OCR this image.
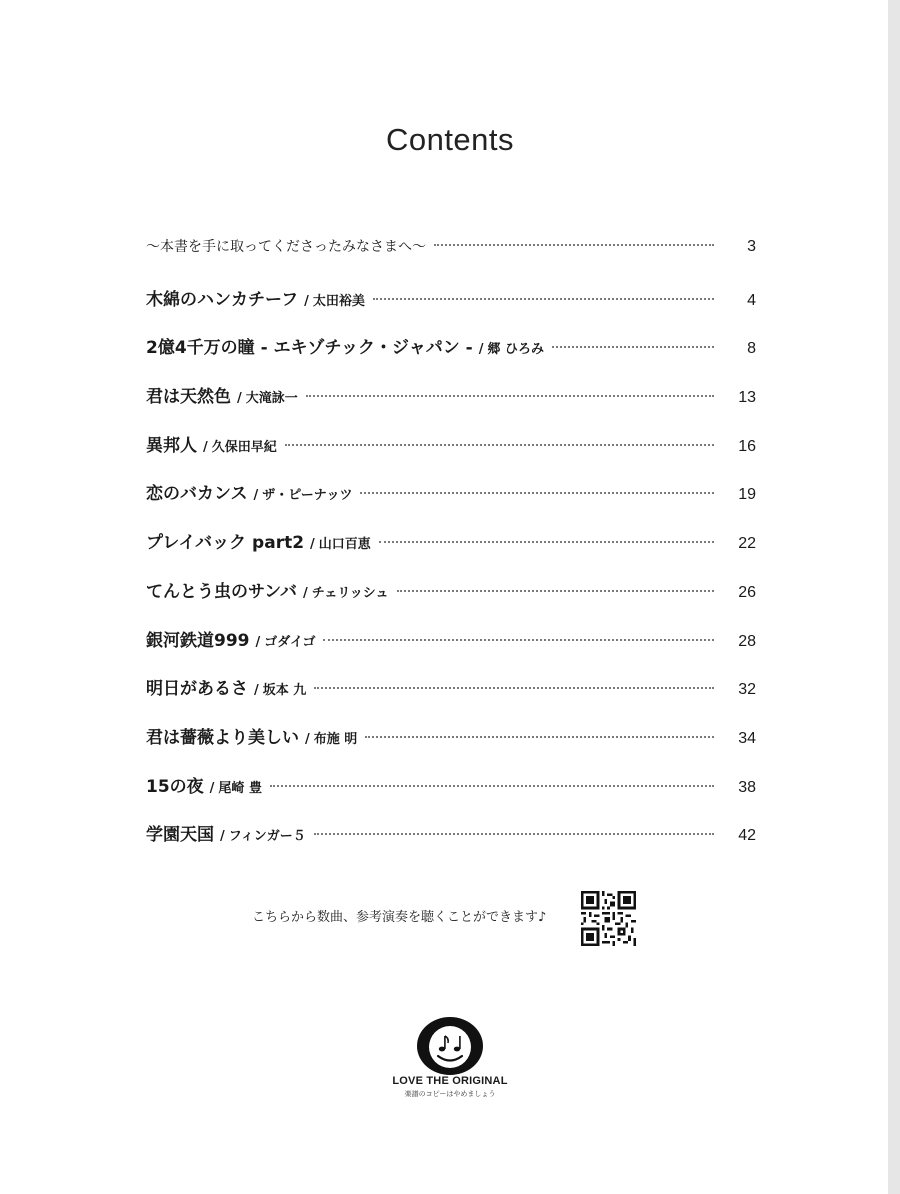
Contents
～本書を手に取ってくださったみなさまへ～	3
木綿のハンカチーフ / 太田裕美	4
2億4千万の瞳 - エキゾチック・ジャパン - / 郷 ひろみ	8
君は天然色 / 大滝詠一	13
異邦人 / 久保田早紀	16
恋のバカンス / ザ・ピーナッツ	19
プレイバック part2 / 山口百恵	22
てんとう虫のサンバ / チェリッシュ	26
銀河鉄道999 / ゴダイゴ	28
明日があるさ / 坂本 九	32
君は薔薇より美しい / 布施 明	34
15の夜 / 尾崎 豊	38
学園天国 / フィンガー５	42
こちらから数曲、参考演奏を聴くことができます♪
LOVE THE ORIGINAL
楽譜のコピーはやめましょう
